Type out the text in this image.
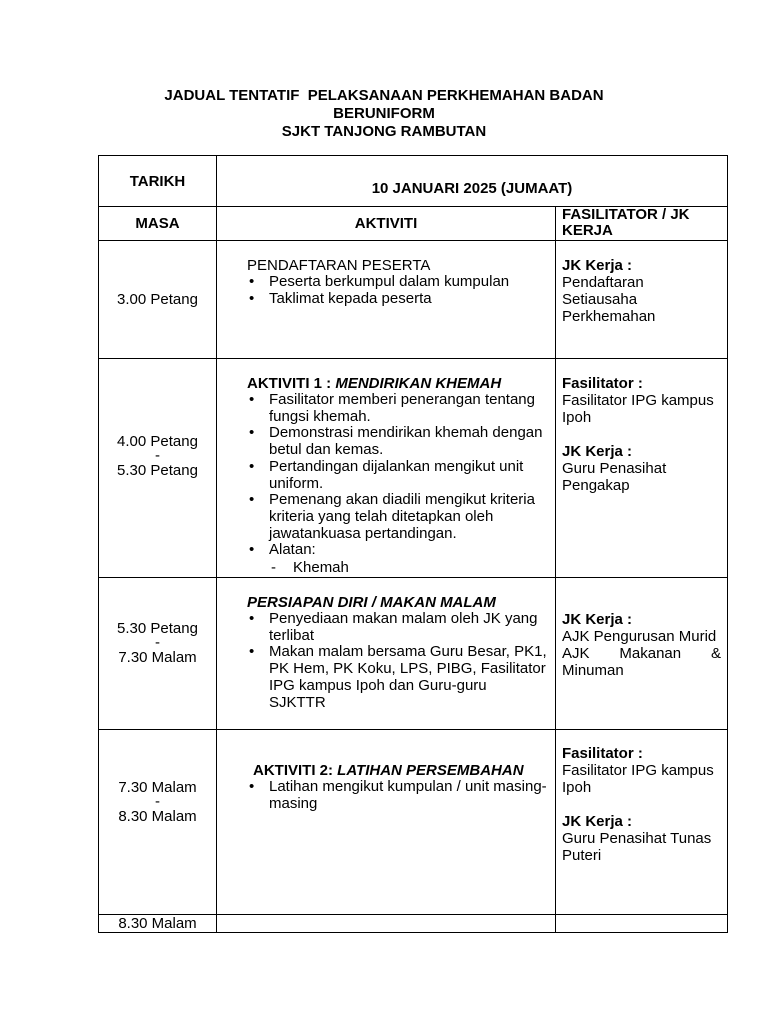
JADUAL TENTATIF  PELAKSANAAN PERKHEMAHAN BADAN
BERUNIFORM
SJKT TANJONG RAMBUTAN
TARIKH	10 JANUARI 2025 (JUMAAT)
MASA	AKTIVITI
FASILITATOR / JK
KERJA
3.00 Petang
PENDAFTARAN PESERTA
• Peserta berkumpul dalam kumpulan
• Taklimat kepada peserta
JK Kerja :
Pendaftaran
Setiausaha
Perkhemahan
4.00 Petang
-
5.30 Petang
AKTIVITI 1 : MENDIRIKAN KHEMAH
• Fasilitator memberi penerangan tentang fungsi khemah.
• Demonstrasi mendirikan khemah dengan betul dan kemas.
• Pertandingan dijalankan mengikut unit uniform.
• Pemenang akan diadili mengikut kriteria kriteria yang telah ditetapkan oleh jawatankuasa pertandingan.
• Alatan:
- Khemah
Fasilitator :
Fasilitator IPG kampus
Ipoh
JK Kerja :
Guru Penasihat
Pengakap
5.30 Petang
-
7.30 Malam
PERSIAPAN DIRI / MAKAN MALAM
• Penyediaan makan malam oleh JK yang terlibat
• Makan malam bersama Guru Besar, PK1, PK Hem, PK Koku, LPS, PIBG, Fasilitator IPG kampus Ipoh dan Guru-guru SJKTTR
JK Kerja :
AJK Pengurusan Murid
AJK Makanan & Minuman
7.30 Malam
-
8.30 Malam
AKTIVITI 2: LATIHAN PERSEMBAHAN
• Latihan mengikut kumpulan / unit masing-masing
Fasilitator :
Fasilitator IPG kampus
Ipoh
JK Kerja :
Guru Penasihat Tunas
Puteri
8.30 Malam
